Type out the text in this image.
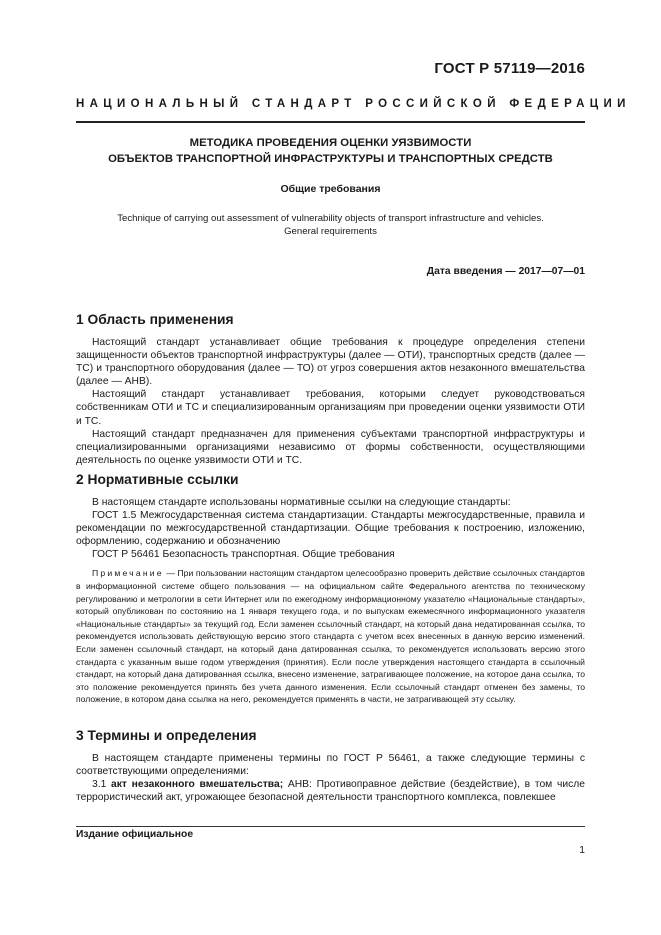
ГОСТ Р 57119—2016
НАЦИОНАЛЬНЫЙ СТАНДАРТ РОССИЙСКОЙ ФЕДЕРАЦИИ
МЕТОДИКА ПРОВЕДЕНИЯ ОЦЕНКИ УЯЗВИМОСТИ
ОБЪЕКТОВ ТРАНСПОРТНОЙ ИНФРАСТРУКТУРЫ И ТРАНСПОРТНЫХ СРЕДСТВ
Общие требования
Technique of carrying out assessment of vulnerability objects of transport infrastructure and vehicles.
General requirements
Дата введения — 2017—07—01
1 Область применения

Настоящий стандарт устанавливает общие требования к процедуре определения степени защищенности объектов транспортной инфраструктуры (далее — ОТИ), транспортных средств (далее — ТС) и транспортного оборудования (далее — ТО) от угроз совершения актов незаконного вмешательства (далее — АНВ).

Настоящий стандарт устанавливает требования, которыми следует руководствоваться собственникам ОТИ и ТС и специализированным организациям при проведении оценки уязвимости ОТИ и ТС.

Настоящий стандарт предназначен для применения субъектами транспортной инфраструктуры и специализированными организациями независимо от формы собственности, осуществляющими деятельность по оценке уязвимости ОТИ и ТС.

2 Нормативные ссылки

В настоящем стандарте использованы нормативные ссылки на следующие стандарты:

ГОСТ 1.5 Межгосударственная система стандартизации. Стандарты межгосударственные, правила и рекомендации по межгосударственной стандартизации. Общие требования к построению, изложению, оформлению, содержанию и обозначению

ГОСТ Р 56461 Безопасность транспортная. Общие требования

Примечание — При пользовании настоящим стандартом целесообразно проверить действие ссылочных стандартов в информационной системе общего пользования — на официальном сайте Федерального агентства по техническому регулированию и метрологии в сети Интернет или по ежегодному информационному указателю «Национальные стандарты», который опубликован по состоянию на 1 января текущего года, и по выпускам ежемесячного информационного указателя «Национальные стандарты» за текущий год. Если заменен ссылочный стандарт, на который дана недатированная ссылка, то рекомендуется использовать действующую версию этого стандарта с учетом всех внесенных в данную версию изменений. Если заменен ссылочный стандарт, на который дана датированная ссылка, то рекомендуется использовать версию этого стандарта с указанным выше годом утверждения (принятия). Если после утверждения настоящего стандарта в ссылочный стандарт, на который дана датированная ссылка, внесено изменение, затрагивающее положение, на которое дана ссылка, то это положение рекомендуется принять без учета данного изменения. Если ссылочный стандарт отменен без замены, то положение, в котором дана ссылка на него, рекомендуется применять в части, не затрагивающей эту ссылку.

3 Термины и определения

В настоящем стандарте применены термины по ГОСТ Р 56461, а также следующие термины с соответствующими определениями:

3.1 акт незаконного вмешательства; АНВ: Противоправное действие (бездействие), в том числе террористический акт, угрожающее безопасной деятельности транспортного комплекса, повлекшее

Издание официальное
1
